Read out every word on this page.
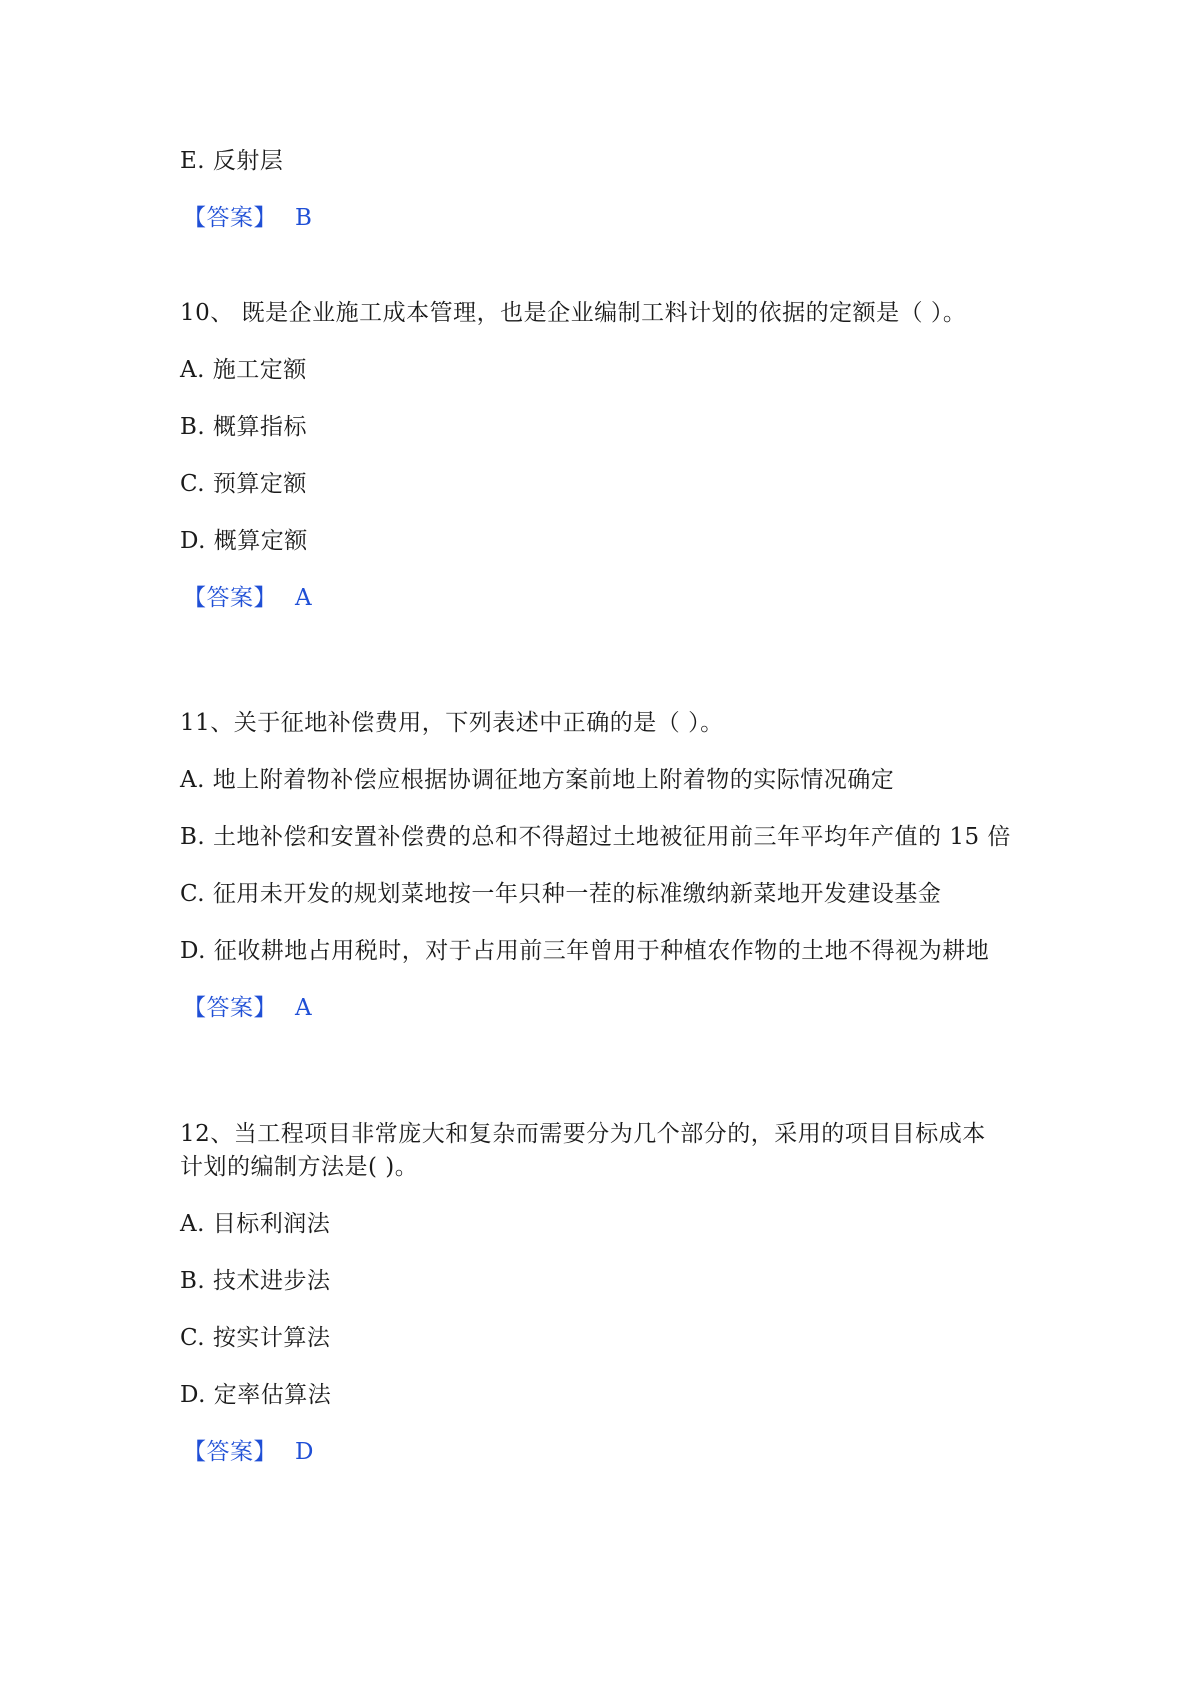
E. 反射层
【答案】 B
10、 既是企业施工成本管理，也是企业编制工料计划的依据的定额是（ ）。
A. 施工定额
B. 概算指标
C. 预算定额
D. 概算定额
【答案】 A
11、关于征地补偿费用，下列表述中正确的是（ ）。
A. 地上附着物补偿应根据协调征地方案前地上附着物的实际情况确定
B. 土地补偿和安置补偿费的总和不得超过土地被征用前三年平均年产值的 15 倍
C. 征用未开发的规划菜地按一年只种一茬的标准缴纳新菜地开发建设基金
D. 征收耕地占用税时，对于占用前三年曾用于种植农作物的土地不得视为耕地
【答案】 A
12、当工程项目非常庞大和复杂而需要分为几个部分的，采用的项目目标成本
计划的编制方法是( )。
A. 目标利润法
B. 技术进步法
C. 按实计算法
D. 定率估算法
【答案】 D
